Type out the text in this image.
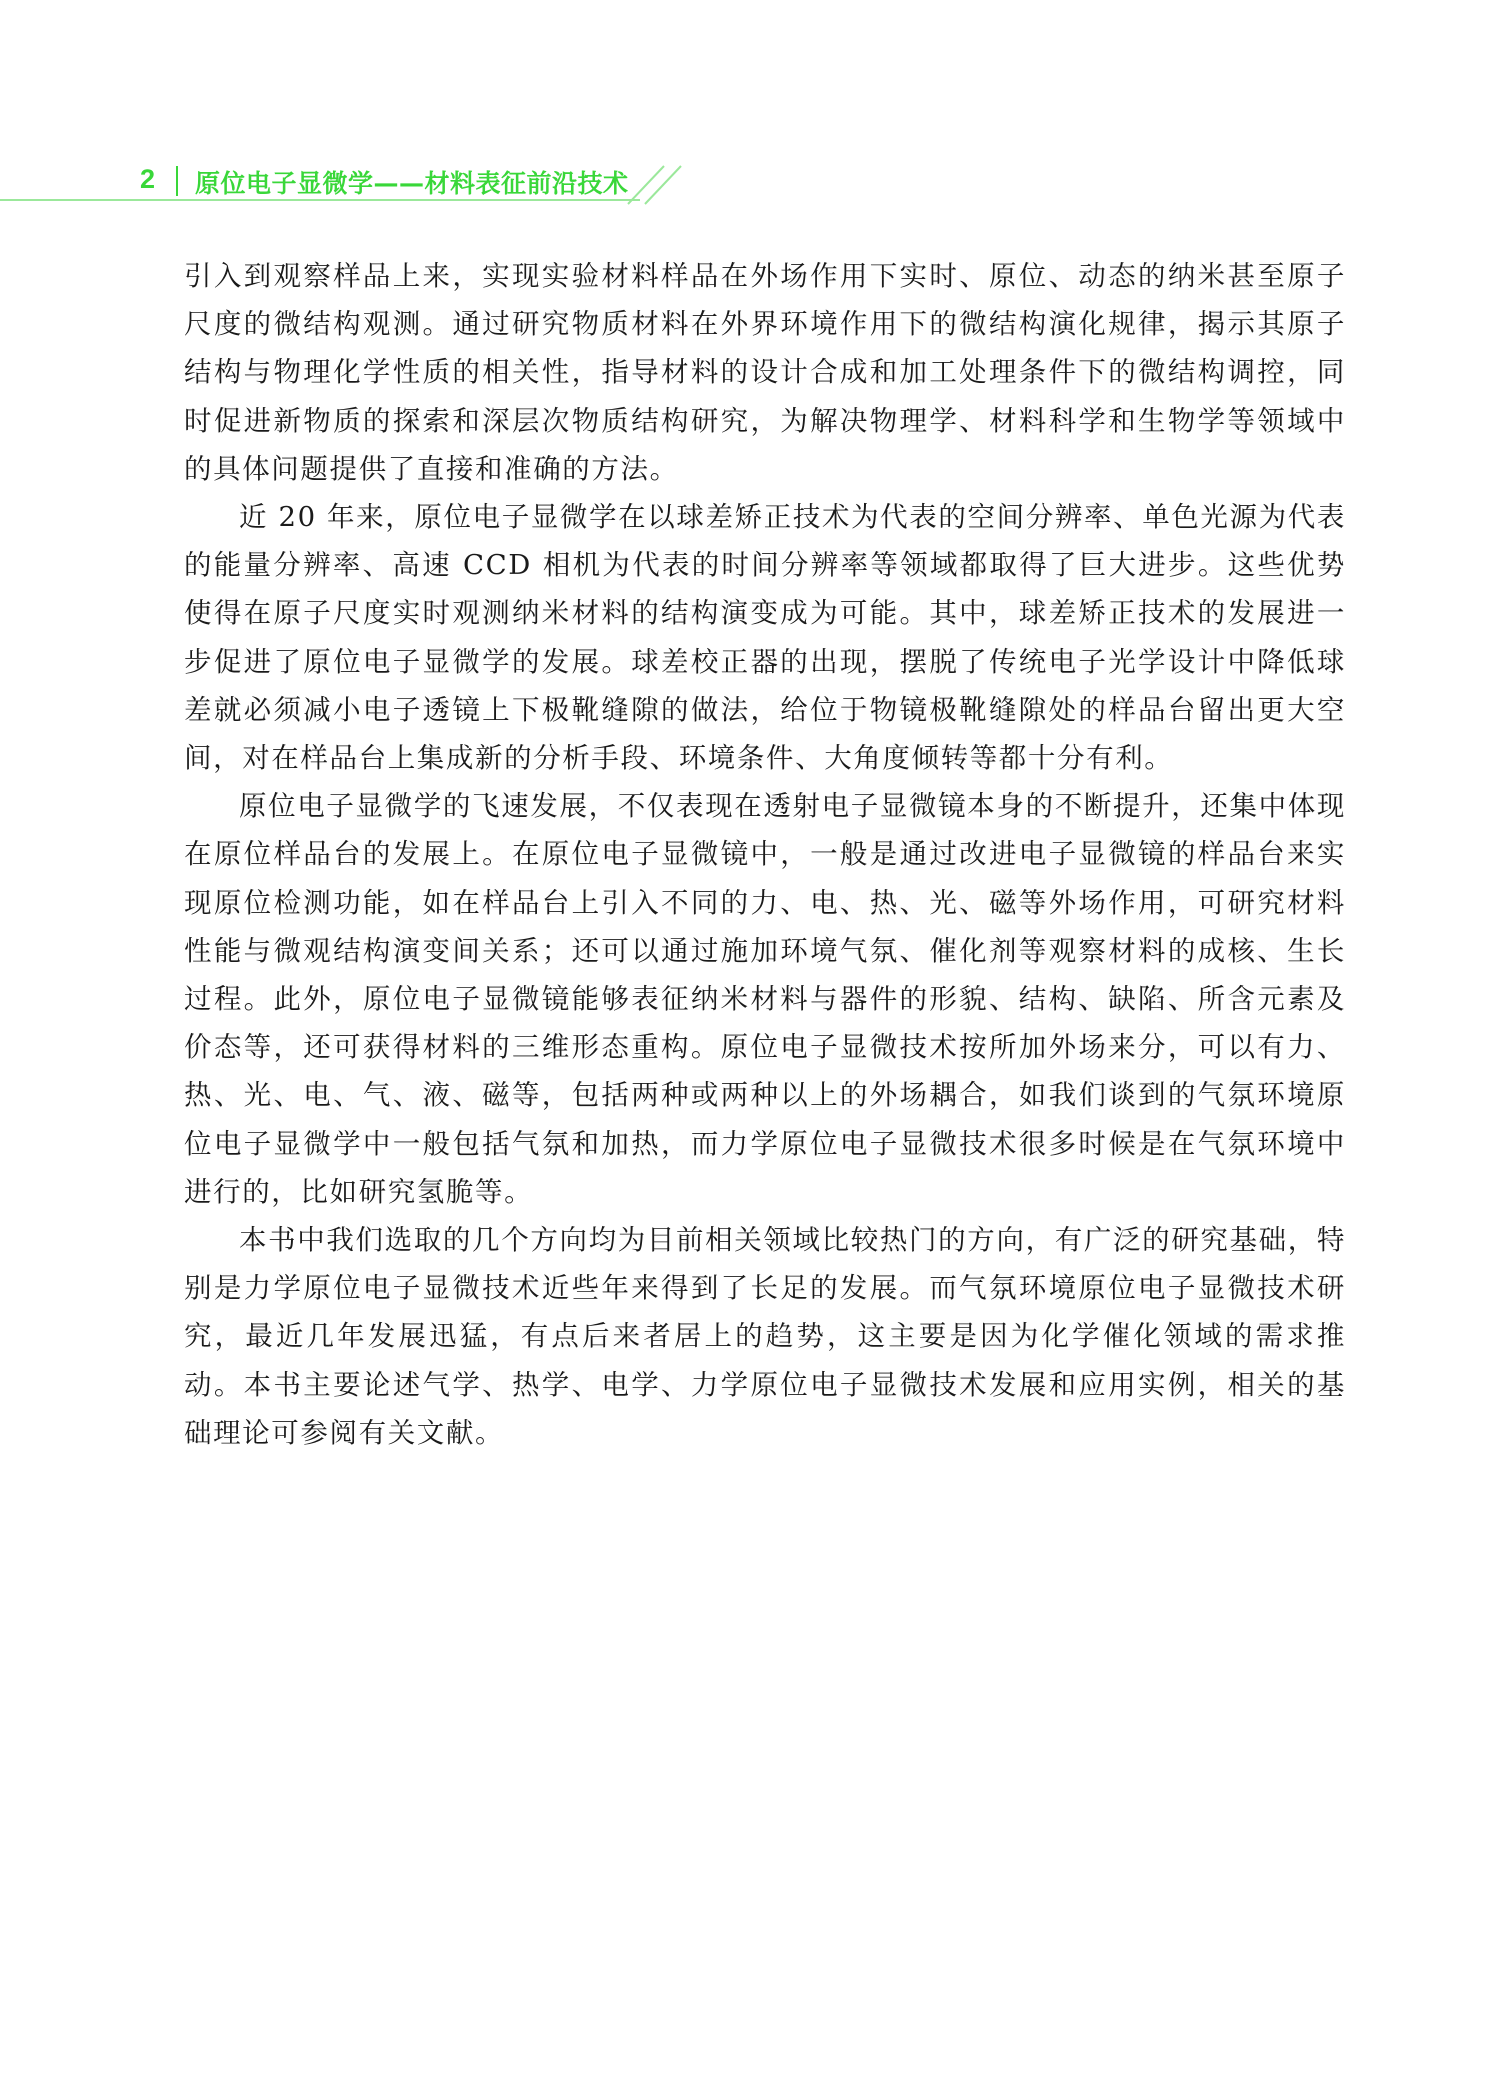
2 原位电子显微学——材料表征前沿技术

引入到观察样品上来，实现实验材料样品在外场作用下实时、原位、动态的纳米甚至原子尺度的微结构观测。通过研究物质材料在外界环境作用下的微结构演化规律，揭示其原子结构与物理化学性质的相关性，指导材料的设计合成和加工处理条件下的微结构调控，同时促进新物质的探索和深层次物质结构研究，为解决物理学、材料科学和生物学等领域中的具体问题提供了直接和准确的方法。

近 20 年来，原位电子显微学在以球差矫正技术为代表的空间分辨率、单色光源为代表的能量分辨率、高速 CCD 相机为代表的时间分辨率等领域都取得了巨大进步。这些优势使得在原子尺度实时观测纳米材料的结构演变成为可能。其中，球差矫正技术的发展进一步促进了原位电子显微学的发展。球差校正器的出现，摆脱了传统电子光学设计中降低球差就必须减小电子透镜上下极靴缝隙的做法，给位于物镜极靴缝隙处的样品台留出更大空间，对在样品台上集成新的分析手段、环境条件、大角度倾转等都十分有利。

原位电子显微学的飞速发展，不仅表现在透射电子显微镜本身的不断提升，还集中体现在原位样品台的发展上。在原位电子显微镜中，一般是通过改进电子显微镜的样品台来实现原位检测功能，如在样品台上引入不同的力、电、热、光、磁等外场作用，可研究材料性能与微观结构演变间关系；还可以通过施加环境气氛、催化剂等观察材料的成核、生长过程。此外，原位电子显微镜能够表征纳米材料与器件的形貌、结构、缺陷、所含元素及价态等，还可获得材料的三维形态重构。原位电子显微技术按所加外场来分，可以有力、热、光、电、气、液、磁等，包括两种或两种以上的外场耦合，如我们谈到的气氛环境原位电子显微学中一般包括气氛和加热，而力学原位电子显微技术很多时候是在气氛环境中进行的，比如研究氢脆等。

本书中我们选取的几个方向均为目前相关领域比较热门的方向，有广泛的研究基础，特别是力学原位电子显微技术近些年来得到了长足的发展。而气氛环境原位电子显微技术研究，最近几年发展迅猛，有点后来者居上的趋势，这主要是因为化学催化领域的需求推动。本书主要论述气学、热学、电学、力学原位电子显微技术发展和应用实例，相关的基础理论可参阅有关文献。
